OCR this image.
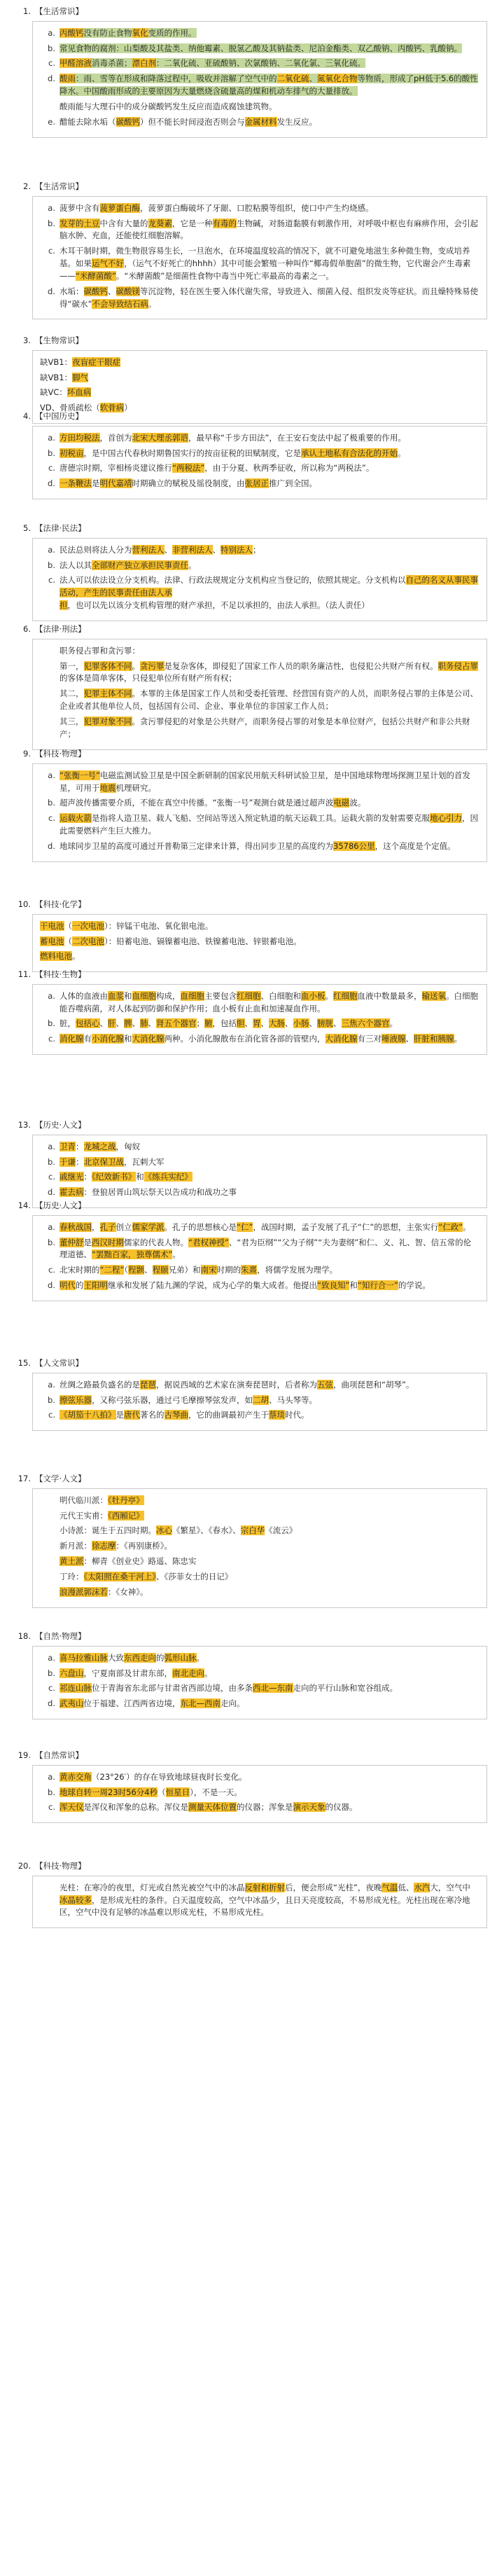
1. 【生活常识】
a. 丙酸钙没有防止食物氧化变质的作用。
b. 常见食物的腐剂：山梨酸及其盐类、纳他霉素、脱氢乙酸及其钠盐类、尼泊金酯类、双乙酸钠、丙酸钙、乳酸钠。
c. 甲醛溶液消毒杀菌；漂白剂：二氧化硫、亚硫酸钠、次氯酸钠、二氧化氯、三氧化硫。
d. 酸雨：雨、雪等在形成和降落过程中，吸收并溶解了空气中的二氧化硫、氮氧化合物等物质，形成了pH低于5.6的酸性降水。中国酸雨形成的主要原因为大量燃烧含硫量高的煤和机动车排气的大量排放。
酸雨能与大理石中的成分碳酸钙发生反应而造成腐蚀建筑物。
e. 醋能去除水垢（碳酸钙）但不能长时间浸泡否则会与金属材料发生反应。
2. 【生活常识】
a. 菠萝中含有菠萝蛋白酶，菠萝蛋白酶破坏了牙龈、口腔粘膜等组织，使口中产生灼烧感。
b. 发芽的土豆中含有大量的龙葵素，它是一种有毒的生物碱，对肠道黏膜有刺激作用，对呼吸中枢也有麻痹作用，会引起脑水肿、充血，还能使红细胞溶解。
c. 木耳干制时期，微生物很容易生长，一旦泡水，在环境温度较高的情况下，就不可避免地滋生多种微生物，变成培养基。如果运气不好，（运气不好死亡的hhhh）其中可能会繁殖一种叫作“椰毒假单胞菌”的微生物，它代谢会产生毒素——“米酵菌酸”。“米酵菌酸”是细菌性食物中毒当中死亡率最高的毒素之一。
d. 水垢：碳酸钙、碳酸镁等沉淀物，轻在医生要入体代谢失常，导致进入、细菌入侵、组织发炎等症状。而且燥特殊易使得“碳水”不会导致结石病。
3. 【生物常识】
缺VB1：夜盲症干眼症
缺VB1：脚气
缺VC：坏血病
VD、骨质疏松（软骨病）
4. 【中国历史】
a. 方田均税法，首创为北宋大理丞郭谘，最早称“千步方田法”，在王安石变法中起了极重要的作用。
b. 初税亩，是中国古代春秋时期鲁国实行的按亩征税的田赋制度，它是承认土地私有合法化的开始。
c. 唐德宗时期，宰相杨炎建议推行“两税法”，由于分夏、秋两季征收，所以称为“两税法”。
d. 一条鞭法是明代嘉靖时期确立的赋税及徭役制度，由张居正推广到全国。
5. 【法律·民法】
a. 民法总则将法人分为营利法人、非营利法人、特别法人；
b. 法人以其全部财产独立承担民事责任。
c. 法人可以依法设立分支机构。法律、行政法规规定分支机构应当登记的，依照其规定。分支机构以自己的名义从事民事活动，产生的民事责任由法人承担，也可以先以该分支机构管理的财产承担，不足以承担的，由法人承担。（法人责任）
6. 【法律·刑法】
职务侵占罪和贪污罪：
第一，犯罪客体不同。贪污罪是复杂客体，即侵犯了国家工作人员的职务廉洁性，也侵犯公共财产所有权。职务侵占罪的客体是简单客体，只侵犯单位所有财产所有权；
其二，犯罪主体不同。本罪的主体是国家工作人员和受委托管理、经营国有资产的人员，而职务侵占罪的主体是公司、企业或者其他单位人员，包括国有公司、企业、事业单位的非国家工作人员；
其三，犯罪对象不同。贪污罪侵犯的对象是公共财产，而职务侵占罪的对象是本单位财产，包括公共财产和非公共财产；
9. 【科技·物理】
a. “张衡一号”电磁监测试验卫星是中国全新研制的国家民用航天科研试验卫星，是中国地球物理场探测卫星计划的首发星，可用于地震机理研究。
b. 超声波传播需要介质，不能在真空中传播。“张衡一号”观测台就是通过超声波电磁波。
c. 运载火箭是指将人造卫星、载人飞船、空间站等送入预定轨道的航天运载工具。运载火箭的发射需要克服地心引力，因此需要燃料产生巨大推力。
d. 地球同步卫星的高度可通过开普勒第三定律来计算，得出同步卫星的高度约为35786公里，这个高度是个定值。
10. 【科技·化学】
干电池（一次电池）：锌锰干电池、氧化银电池。
蓄电池（二次电池）：铅蓄电池、镉镍蓄电池、铁镍蓄电池、锌银蓄电池。
燃料电池。
11. 【科技·生物】
a. 人体的血液由血浆和血细胞构成，血细胞主要包含红细胞、白细胞和血小板。红细胞血液中数量最多，输送氧。白细胞能吞噬病菌，对人体起到防御和保护作用；血小板有止血和加速凝血作用。
b. 脏，包括心、肝、脾、肺、肾五个器官；腑，包括胆、胃、大肠、小肠、膀胱、三焦六个器官。
c. 消化腺有小消化腺和大消化腺两种。小消化腺散布在消化管各部的管壁内，大消化腺有三对唾液腺、肝脏和胰腺。
13. 【历史·人文】
a. 卫青：龙城之战，匈奴
b. 于谦：北京保卫战，瓦剌大军
c. 戚继光：《纪效新书》和《练兵实纪》
d. 霍去病：登狼居胥山筑坛祭天以告成功和战功之事
14. 【历史·人文】
a. 春秋战国，孔子创立儒家学派。孔子的思想核心是“仁”，战国时期，孟子发展了孔子“仁”的思想，主张实行“仁政”。
b. 董仲舒是西汉时期儒家的代表人物。“君权神授”、“君为臣纲”“父为子纲”“夫为妻纲”和仁、义、礼、智、信五常的伦理道德、“罢黜百家，独尊儒术”。
c. 北宋时期的“二程”（程颢、程颐兄弟）和南宋时期的朱熹，将儒学发展为理学。
d. 明代的王阳明继承和发展了陆九渊的学说，成为心学的集大成者。他提出“致良知”和“知行合一”的学说。
15. 【人文常识】
a. 丝绸之路最负盛名的是琵琶，据说西域的艺术家在演奏琵琶时，后者称为五弦，曲项琵琶和“胡琴”。
b. 擦弦乐器，又称弓弦乐器，通过弓毛摩擦琴弦发声，如二胡、马头琴等。
c. 《胡笳十八拍》是唐代著名的古琴曲，它的曲调最初产生于蔡琰时代。
17. 【文学·人文】
明代临川派：《牡丹亭》
元代王实甫：《西厢记》
小诗派：诞生于五四时期。冰心《繁星》、《春水》、宗白华《流云》
新月派：徐志摩：《再别康桥》。
黄土派：柳青《创业史》路遥、陈忠实
丁玲：《太阳照在桑干河上》、《莎菲女士的日记》
浪漫派郭沫若：《女神》。
18. 【自然·物理】
a. 喜马拉雅山脉大致东西走向的弧形山脉。
b. 六盘山，宁夏南部及甘肃东部，南北走向。
c. 祁连山脉位于青海省东北部与甘肃省西部边境，由多条西北—东南走向的平行山脉和宽谷组成。
d. 武夷山位于福建、江西两省边境，东北—西南走向。
19. 【自然常识】
a. 黄赤交角（23°26′）的存在导致地球昼夜时长变化。
b. 地球自转一周23时56分4秒（恒星日），不是一天。
c. 浑天仪是浑仪和浑象的总称。浑仪是测量天体位置的仪器；浑象是演示天象的仪器。
20. 【科技·物理】
光柱：在寒冷的夜里，灯光或自然光被空气中的冰晶反射和折射后，便会形成“光柱”，夜晚气温低、水汽大，空气中冰晶较多，是形成光柱的条件。白天温度较高，空气中冰晶少，且日天亮度较高，不易形成光柱。光柱出现在寒冷地区，空气中没有足够的冰晶难以形成光柱，不易形成光柱。
